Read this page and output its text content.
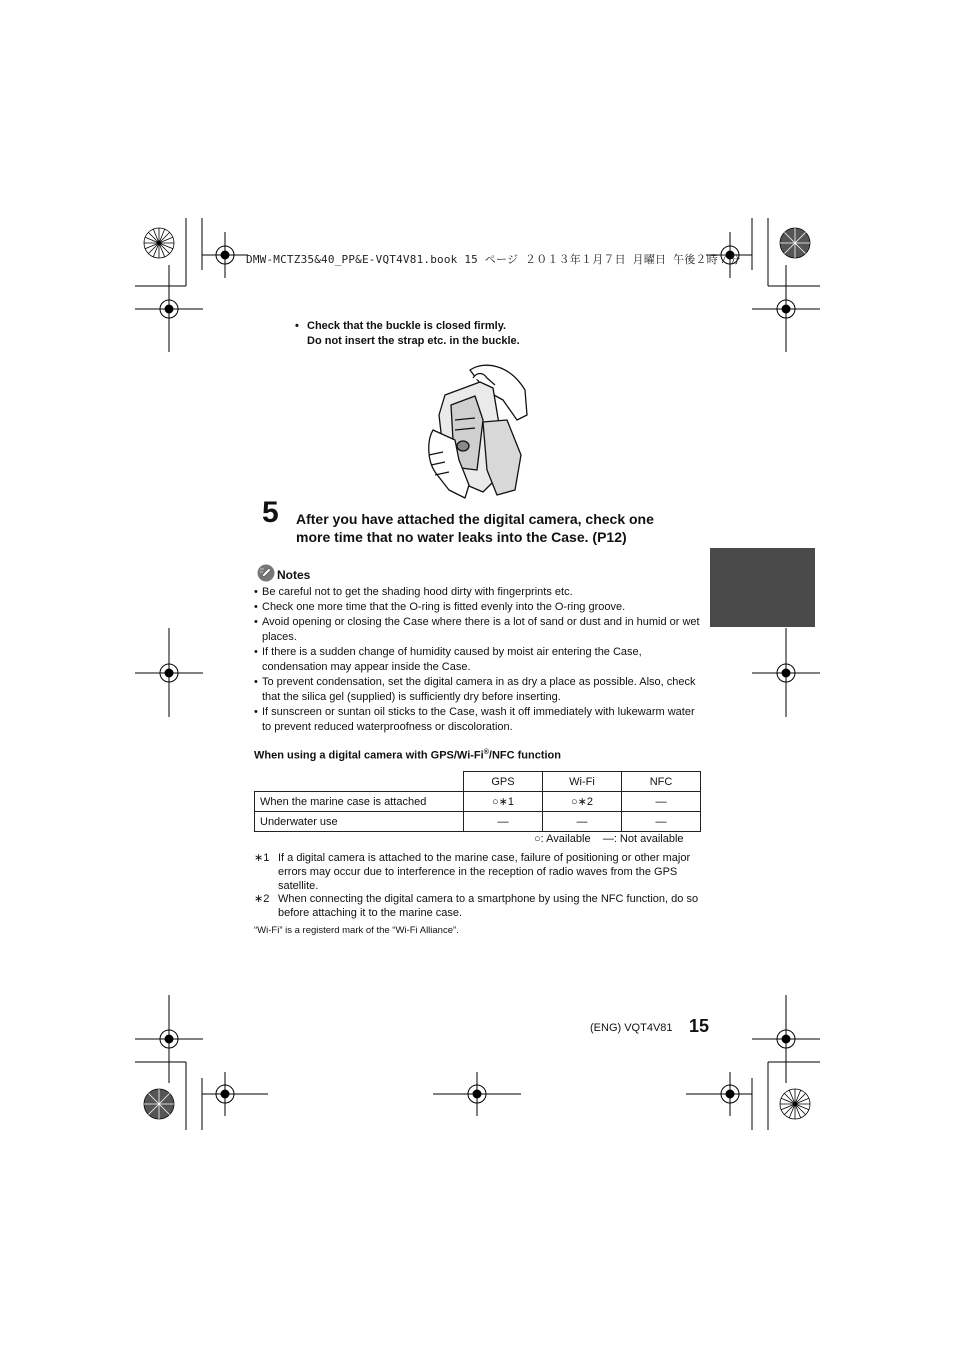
DMW-MCTZ35&40_PP&E-VQT4V81.book 15 ページ ２０１３年１月７日 月曜日 午後２時７分
• Check that the buckle is closed firmly.
Do not insert the strap etc. in the buckle.
5 After you have attached the digital camera, check one
more time that no water leaks into the Case. (P12)
Notes
• Be careful not to get the shading hood dirty with fingerprints etc.
• Check one more time that the O-ring is fitted evenly into the O-ring groove.
• Avoid opening or closing the Case where there is a lot of sand or dust and in humid or wet places.
• If there is a sudden change of humidity caused by moist air entering the Case, condensation may appear inside the Case.
• To prevent condensation, set the digital camera in as dry a place as possible. Also, check that the silica gel (supplied) is sufficiently dry before inserting.
• If sunscreen or suntan oil sticks to the Case, wash it off immediately with lukewarm water to prevent reduced waterproofness or discoloration.
When using a digital camera with GPS/Wi-Fi®/NFC function
	GPS	Wi-Fi	NFC
When the marine case is attached	○∗1	○∗2	—
Underwater use	—	—	—
○: Available    —: Not available
∗1 If a digital camera is attached to the marine case, failure of positioning or other major errors may occur due to interference in the reception of radio waves from the GPS satellite.
∗2 When connecting the digital camera to a smartphone by using the NFC function, do so before attaching it to the marine case.
“Wi-Fi” is a registerd mark of the “Wi-Fi Alliance”.
(ENG) VQT4V81 15
